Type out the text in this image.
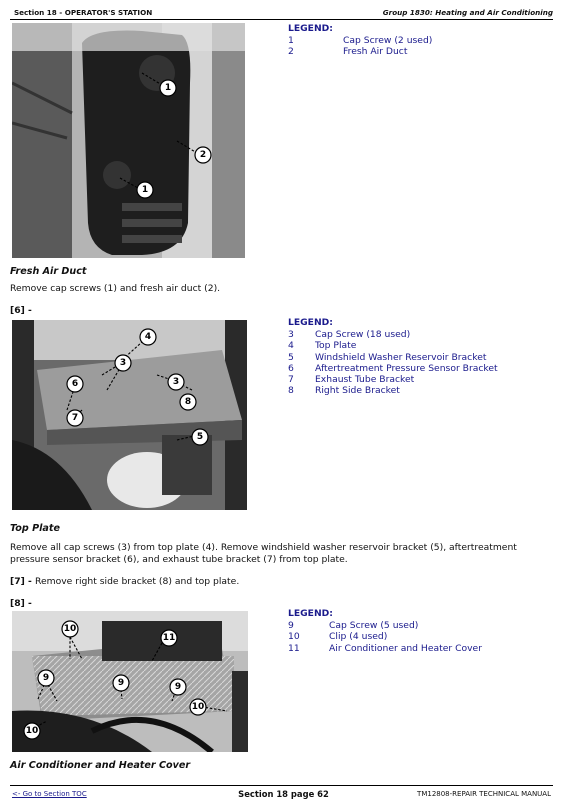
Section 18 - OPERATOR'S STATION	Group 1830: Heating and Air Conditioning
1
1
2
LEGEND:
1	Cap Screw (2 used)
2	Fresh Air Duct
Fresh Air Duct
Remove cap screws (1) and fresh air duct (2).
[6] -
4
3
3
6
7
8
5
LEGEND:
3 Cap Screw (18 used)
4 Top Plate
5 Windshield Washer Reservoir Bracket
6 Aftertreatment Pressure Sensor Bracket
7 Exhaust Tube Bracket
8 Right Side Bracket
Top Plate
Remove all cap screws (3) from top plate (4). Remove windshield washer reservoir bracket (5), aftertreatment pressure sensor bracket (6), and exhaust tube bracket (7) from top plate.
[7] - Remove right side bracket (8) and top plate.
[8] -
10
11
9	9	9
10
10
LEGEND:
9	Cap Screw (5 used)
10	Clip (4 used)
11	Air Conditioner and Heater Cover
Air Conditioner and Heater Cover
<- Go to Section TOC	Section 18 page 62	TM12808-REPAIR TECHNICAL MANUAL
